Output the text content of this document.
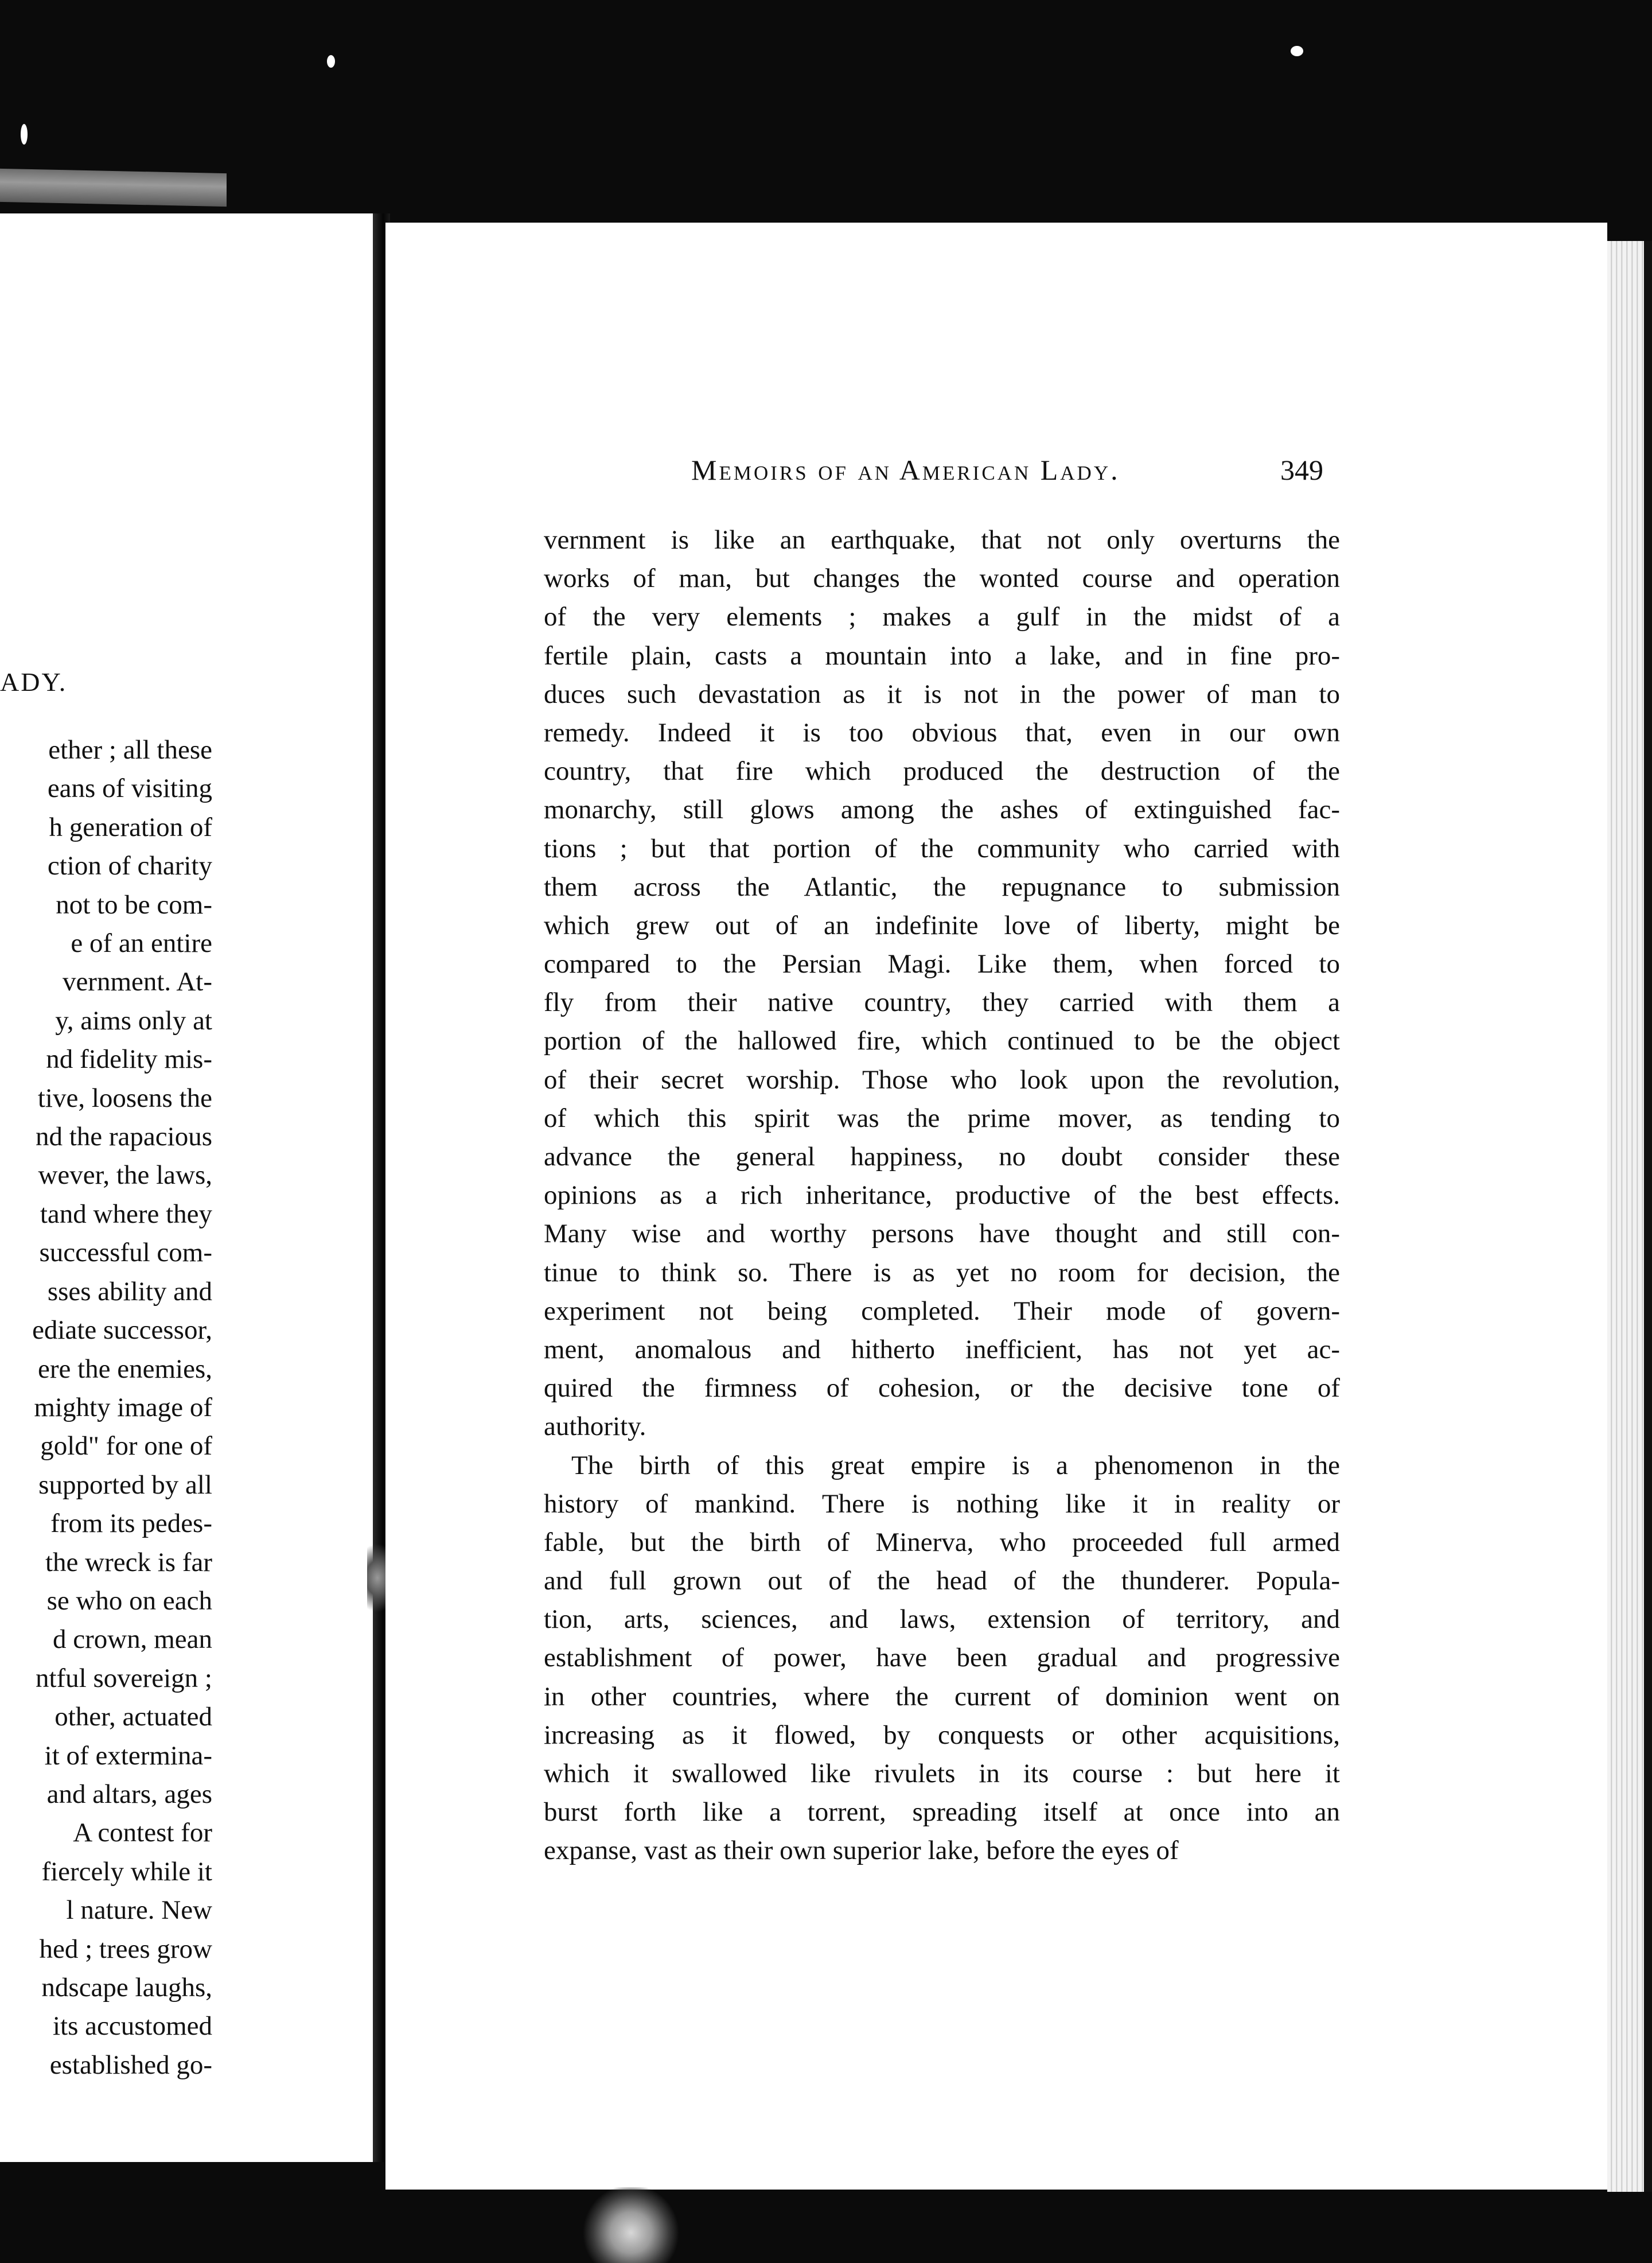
ADY.
ether ; all these
eans of visiting
h generation of
ction of charity
not to be com-
e of an entire
vernment. At-
y, aims only at
nd fidelity mis-
tive, loosens the
nd the rapacious
wever, the laws,
tand where they
successful com-
sses ability and
ediate successor,
ere the enemies,
mighty image of
gold" for one of
supported by all
from its pedes-
the wreck is far
se who on each
d crown, mean
ntful sovereign ;
other, actuated
it of extermina-
and altars, ages
A contest for
fiercely while it
l nature. New
hed ; trees grow
ndscape laughs,
its accustomed
established go-
Memoirs of an American Lady.	349
vernment is like an earthquake, that not only overturns the
works of man, but changes the wonted course and operation
of the very elements ; makes a gulf in the midst of a
fertile plain, casts a mountain into a lake, and in fine pro-
duces such devastation as it is not in the power of man to
remedy. Indeed it is too obvious that, even in our own
country, that fire which produced the destruction of the
monarchy, still glows among the ashes of extinguished fac-
tions ; but that portion of the community who carried with
them across the Atlantic, the repugnance to submission
which grew out of an indefinite love of liberty, might be
compared to the Persian Magi. Like them, when forced to
fly from their native country, they carried with them a
portion of the hallowed fire, which continued to be the object
of their secret worship. Those who look upon the revolution,
of which this spirit was the prime mover, as tending to
advance the general happiness, no doubt consider these
opinions as a rich inheritance, productive of the best effects.
Many wise and worthy persons have thought and still con-
tinue to think so. There is as yet no room for decision, the
experiment not being completed. Their mode of govern-
ment, anomalous and hitherto inefficient, has not yet ac-
quired the firmness of cohesion, or the decisive tone of
authority.
The birth of this great empire is a phenomenon in the
history of mankind. There is nothing like it in reality or
fable, but the birth of Minerva, who proceeded full armed
and full grown out of the head of the thunderer. Popula-
tion, arts, sciences, and laws, extension of territory, and
establishment of power, have been gradual and progressive
in other countries, where the current of dominion went on
increasing as it flowed, by conquests or other acquisitions,
which it swallowed like rivulets in its course : but here it
burst forth like a torrent, spreading itself at once into an
expanse, vast as their own superior lake, before the eyes of
